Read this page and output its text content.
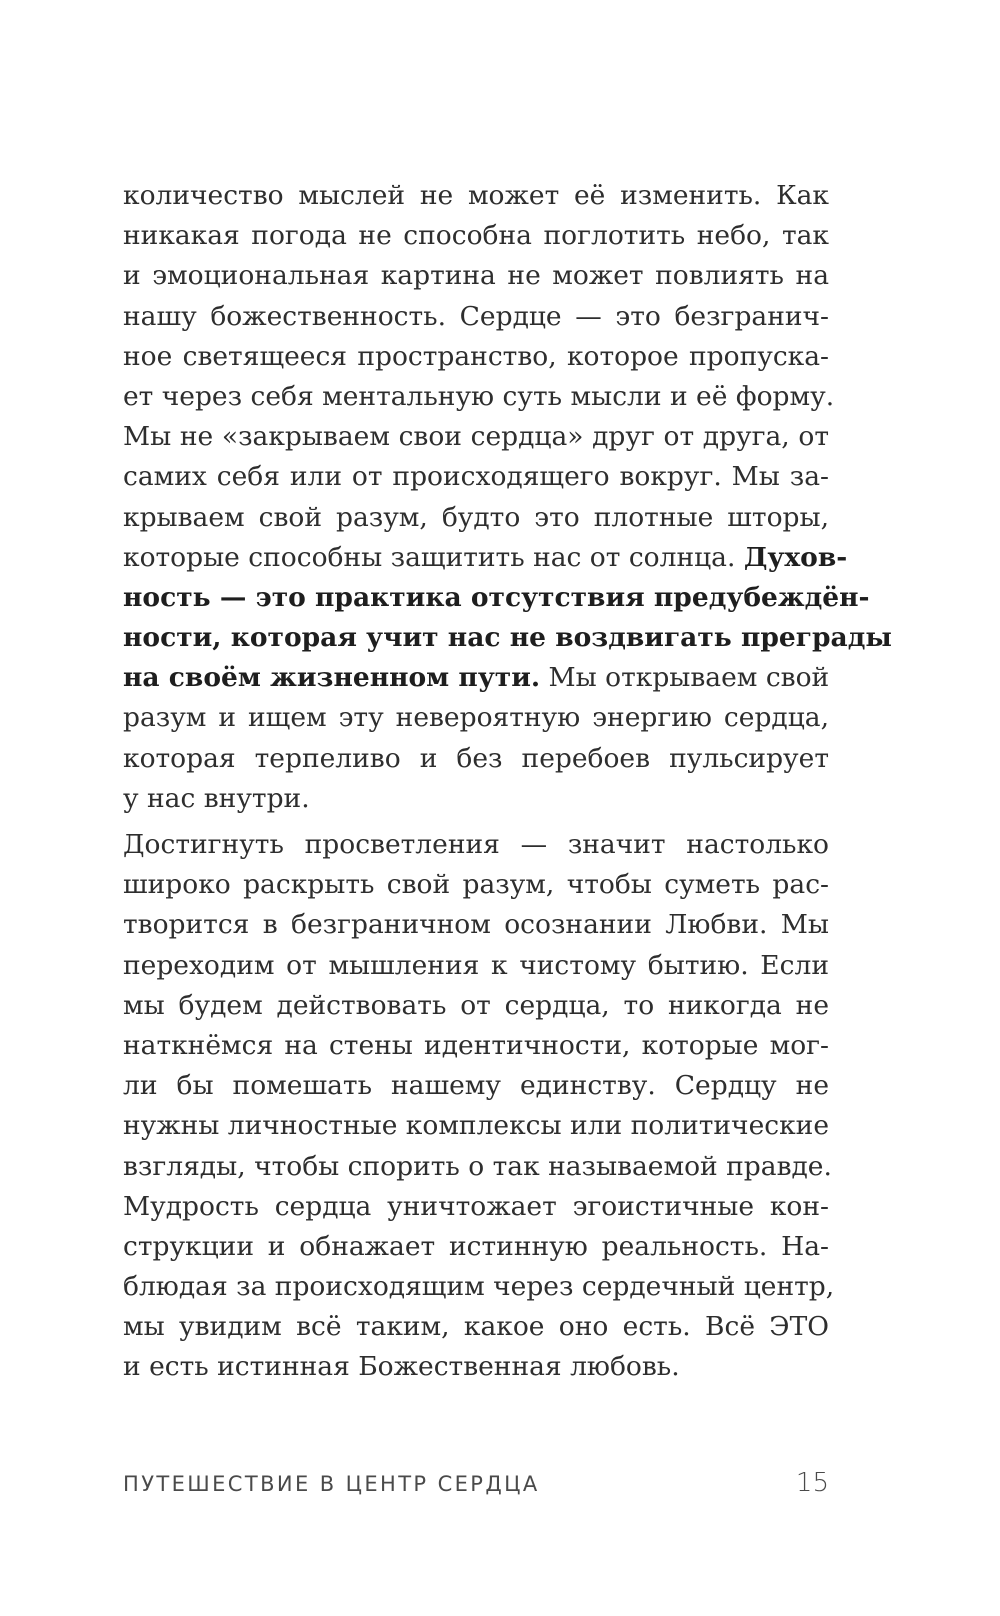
количество мыслей не может её изменить. Как
никакая погода не способна поглотить небо, так
и эмоциональная картина не может повлиять на
нашу божественность. Сердце — это безгранич-
ное светящееся пространство, которое пропуска-
ет через себя ментальную суть мысли и её форму.
Мы не «закрываем свои сердца» друг от друга, от
самих себя или от происходящего вокруг. Мы за-
крываем свой разум, будто это плотные шторы,
которые способны защитить нас от солнца. Духов-
ность — это практика отсутствия предубеждён-
ности, которая учит нас не воздвигать преграды
на своём жизненном пути. Мы открываем свой
разум и ищем эту невероятную энергию сердца,
которая терпеливо и без перебоев пульсирует
у нас внутри.
Достигнуть просветления — значит настолько
широко раскрыть свой разум, чтобы суметь рас-
творится в безграничном осознании Любви. Мы
переходим от мышления к чистому бытию. Если
мы будем действовать от сердца, то никогда не
наткнёмся на стены идентичности, которые мог-
ли бы помешать нашему единству. Сердцу не
нужны личностные комплексы или политические
взгляды, чтобы спорить о так называемой правде.
Мудрость сердца уничтожает эгоистичные кон-
струкции и обнажает истинную реальность. На-
блюдая за происходящим через сердечный центр,
мы увидим всё таким, какое оно есть. Всё ЭТО
и есть истинная Божественная любовь.
ПУТЕШЕСТВИЕ В ЦЕНТР СЕРДЦА	15
